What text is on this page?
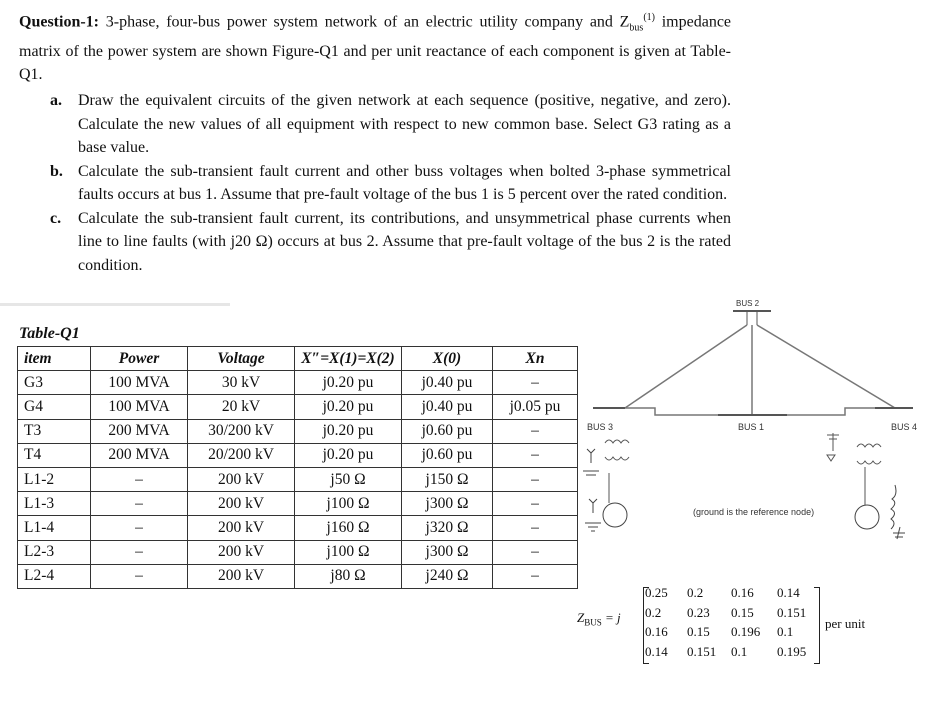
Question-1: 3-phase, four-bus power system network of an electric utility company and $Z_{bus}^{(1)}$ impedance matrix of the power system are shown Figure-Q1 and per unit reactance of each component is given at Table-Q1.
a.	Draw the equivalent circuits of the given network at each sequence (positive, negative, and zero). Calculate the new values of all equipment with respect to new common base. Select G3 rating as a base value.
b. Calculate the sub-transient fault current and other buss voltages when bolted 3-phase symmetrical faults occurs at bus 1. Assume that pre-fault voltage of the bus 1 is 5 percent over the rated condition.
c.	Calculate the sub-transient fault current, its contributions, and unsymmetrical phase currents when line to line faults (with j20 Ω) occurs at bus 2. Assume that pre-fault voltage of the bus 2 is the rated condition.
Table-Q1
item	Power	Voltage	X″=X(1)=X(2)	X(0)	Xn
G3	100 MVA	30 kV	j0.20 pu	j0.40 pu	–
G4	100 MVA	20 kV	j0.20 pu	j0.40 pu	j0.05 pu
T3	200 MVA	30/200 kV	j0.20 pu	j0.60 pu	–
T4	200 MVA	20/200 kV	j0.20 pu	j0.60 pu	–
L1-2	–	200 kV	j50 Ω	j150 Ω	–
L1-3	–	200 kV	j100 Ω	j300 Ω	–
L1-4	–	200 kV	j160 Ω	j320 Ω	–
L2-3	–	200 kV	j100 Ω	j300 Ω	–
L2-4	–	200 kV	j80 Ω	j240 Ω	–
BUS 2
BUS 3	BUS 1	BUS 4
(ground is the reference node)
$Z_{BUS} = j$
0.25 0.2 0.16 0.14
0.2 0.23 0.15 0.151
0.16 0.15 0.196 0.1
0.14 0.151 0.1 0.195
per unit
